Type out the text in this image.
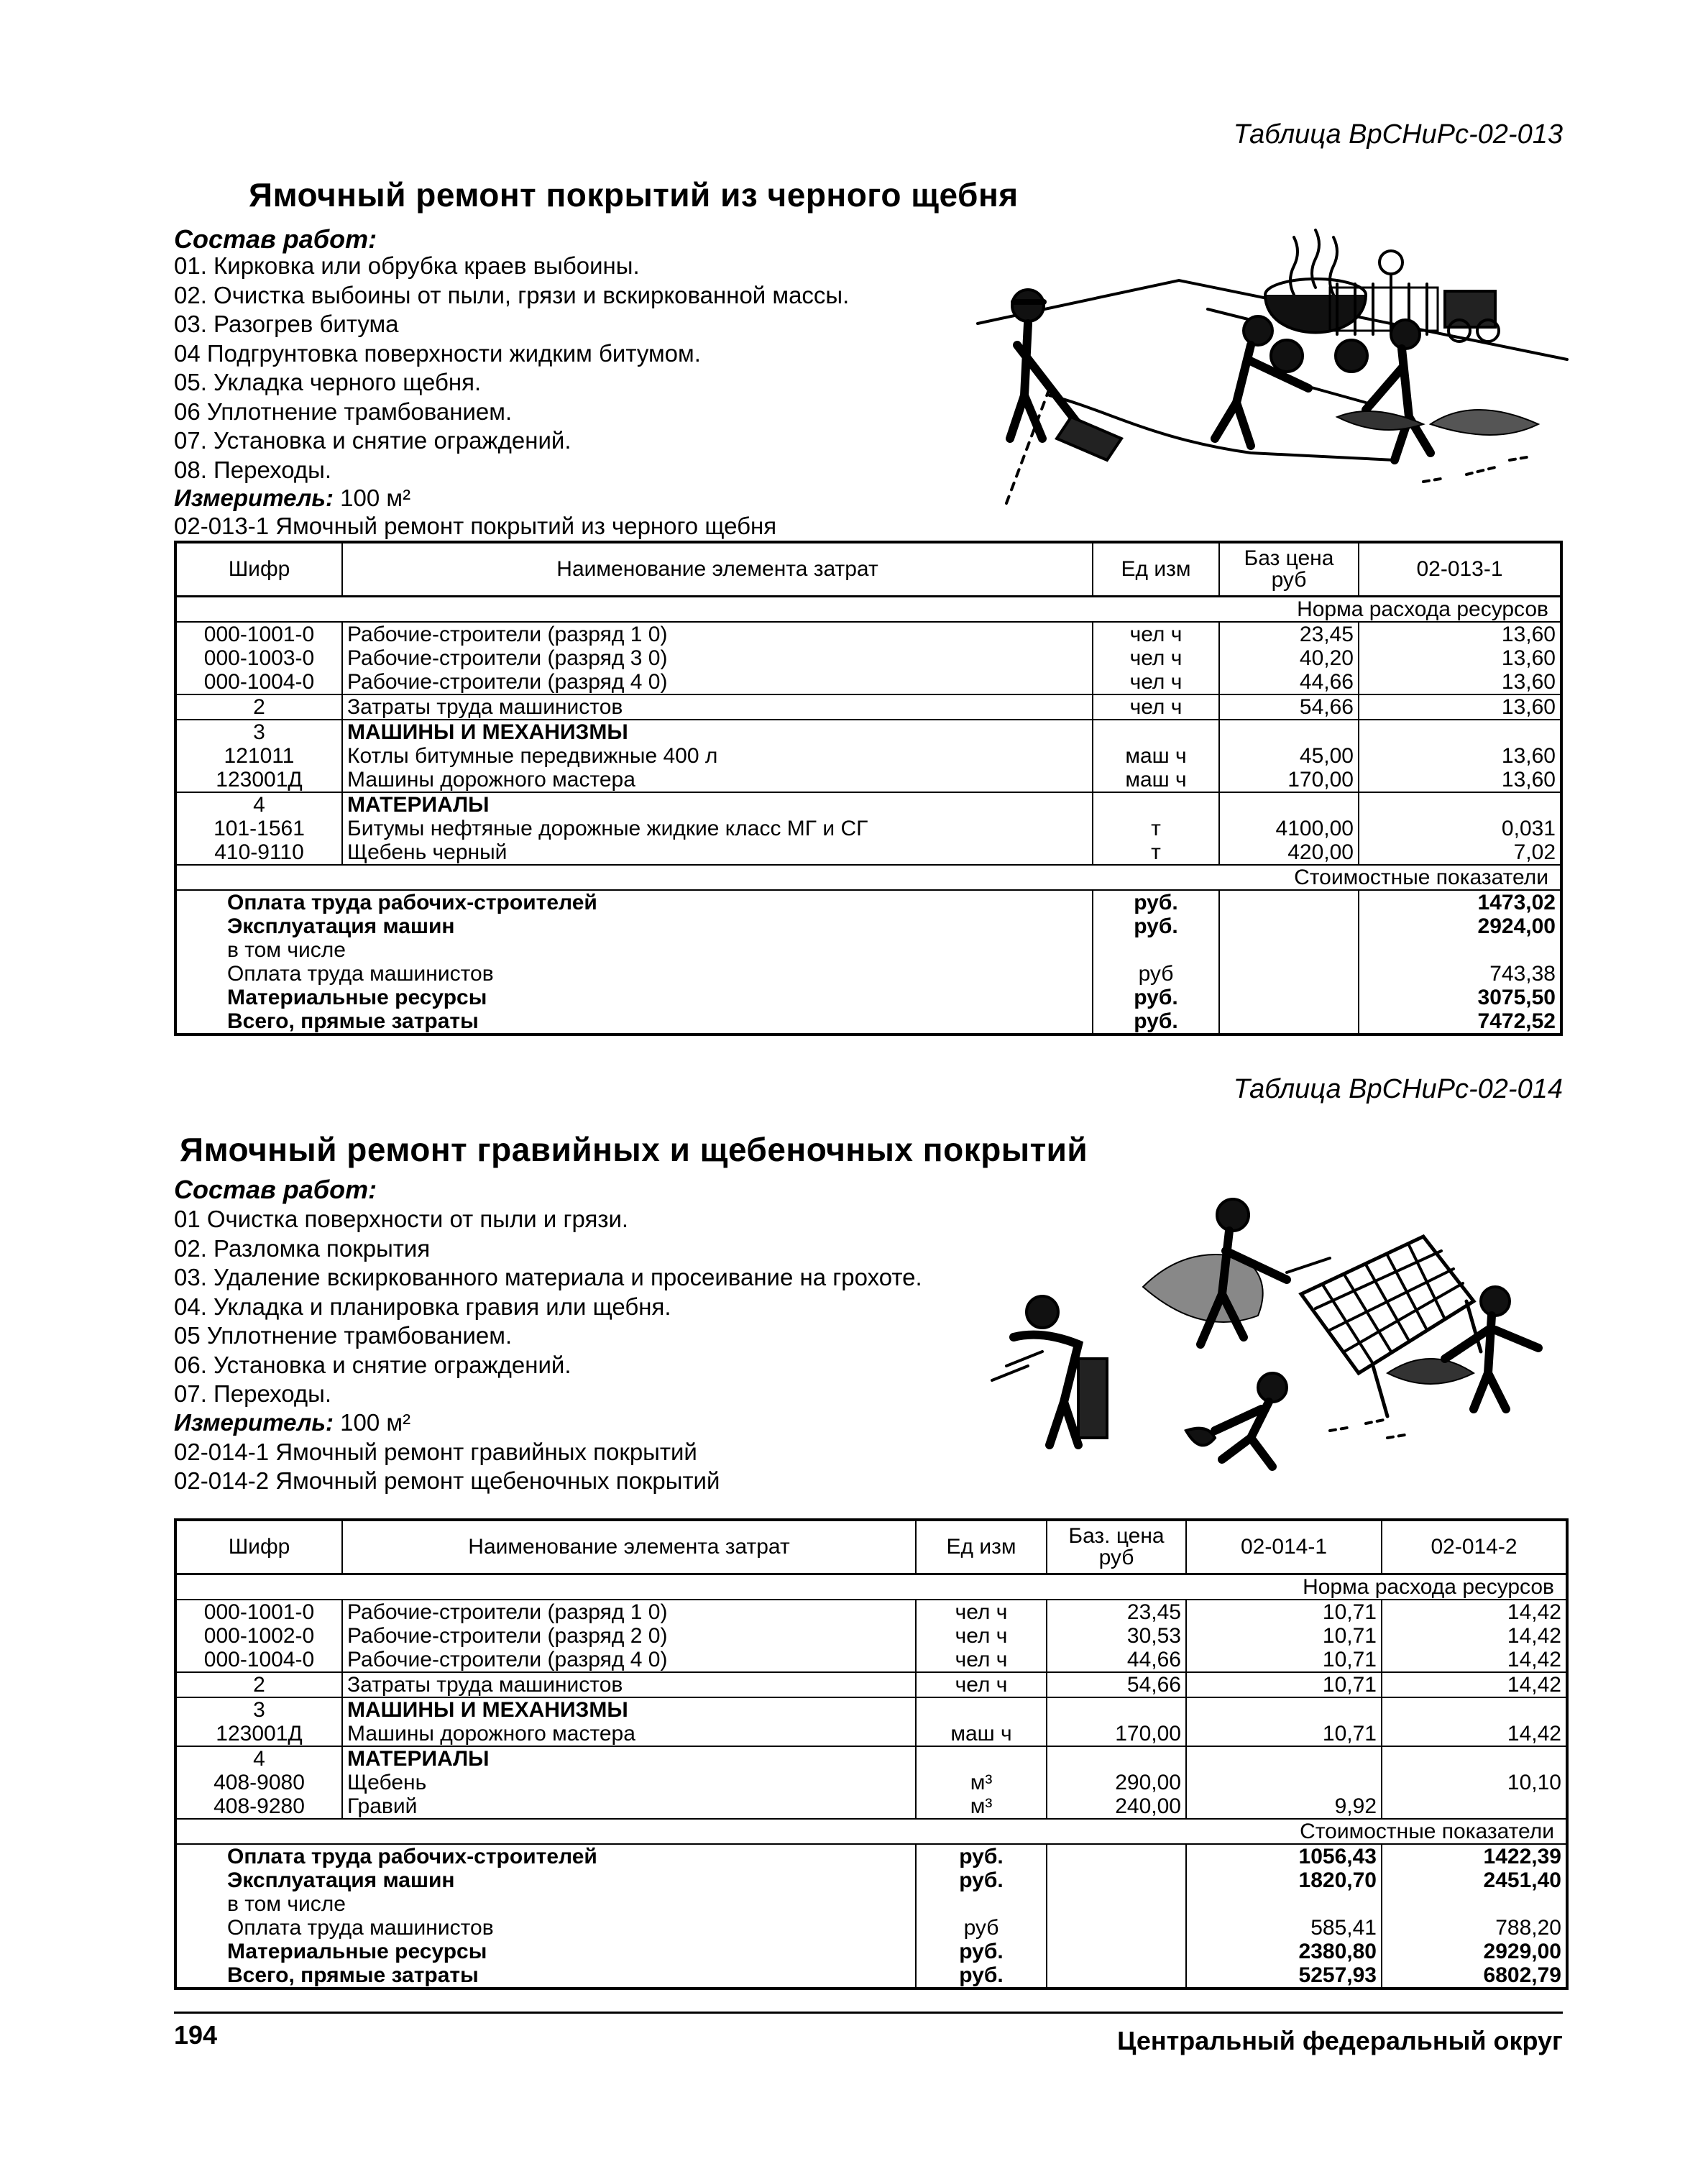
Таблица ВрСНиРс-02-013
Ямочный ремонт покрытий из черного щебня
Состав работ:
01. Кирковка или обрубка краев выбоины.
02. Очистка выбоины от пыли, грязи и вскиркованной массы.
03. Разогрев битума
04 Подгрунтовка поверхности жидким битумом.
05. Укладка черного щебня.
06 Уплотнение трамбованием.
07. Установка и снятие ограждений.
08. Переходы.
Измеритель: 100 м²
02-013-1 Ямочный ремонт покрытий из черного щебня
Шифр	Наименование элемента затрат	Ед изм	Баз цена руб	02-013-1
			Норма расхода ресурсов	
000-1001-0	Рабочие-строители (разряд 1 0)	чел ч	23,45	13,60
000-1003-0	Рабочие-строители (разряд 3 0)	чел ч	40,20	13,60
000-1004-0	Рабочие-строители (разряд 4 0)	чел ч	44,66	13,60
2	Затраты труда машинистов	чел ч	54,66	13,60
3	МАШИНЫ И МЕХАНИЗМЫ			
121011	Котлы битумные передвижные 400 л	маш ч	45,00	13,60
123001Д	Машины дорожного мастера	маш ч	170,00	13,60
4	МАТЕРИАЛЫ			
101-1561	Битумы нефтяные дорожные жидкие класс МГ и СГ	т	4100,00	0,031
410-9110	Щебень черный	т	420,00	7,02
			Стоимостные показатели	
Оплата труда рабочих-строителей		руб.		1473,02
Эксплуатация машин		руб.		2924,00
в том числе				
Оплата труда машинистов		руб		743,38
Материальные ресурсы		руб.		3075,50
Всего, прямые затраты		руб.		7472,52
Таблица ВрСНиРс-02-014
Ямочный ремонт гравийных и щебеночных покрытий
Состав работ:
01 Очистка поверхности от пыли и грязи.
02. Разломка покрытия
03. Удаление вскиркованного материала и просеивание на грохоте.
04. Укладка и планировка гравия или щебня.
05 Уплотнение трамбованием.
06. Установка и снятие ограждений.
07. Переходы.
Измеритель: 100 м²
02-014-1 Ямочный ремонт гравийных покрытий
02-014-2 Ямочный ремонт щебеночных покрытий
Шифр	Наименование элемента затрат	Ед изм	Баз. цена руб	02-014-1	02-014-2
				Норма расхода ресурсов	
000-1001-0	Рабочие-строители (разряд 1 0)	чел ч	23,45	10,71	14,42
000-1002-0	Рабочие-строители (разряд 2 0)	чел ч	30,53	10,71	14,42
000-1004-0	Рабочие-строители (разряд 4 0)	чел ч	44,66	10,71	14,42
2	Затраты труда машинистов	чел ч	54,66	10,71	14,42
3	МАШИНЫ И МЕХАНИЗМЫ				
123001Д	Машины дорожного мастера	маш ч	170,00	10,71	14,42
4	МАТЕРИАЛЫ				
408-9080	Щебень	м³	290,00		10,10
408-9280	Гравий	м³	240,00	9,92	
				Стоимостные показатели	
Оплата труда рабочих-строителей		руб.		1056,43	1422,39
Эксплуатация машин		руб.		1820,70	2451,40
в том числе					
Оплата труда машинистов		руб		585,41	788,20
Материальные ресурсы		руб.		2380,80	2929,00
Всего, прямые затраты		руб.		5257,93	6802,79
194	Центральный федеральный округ
